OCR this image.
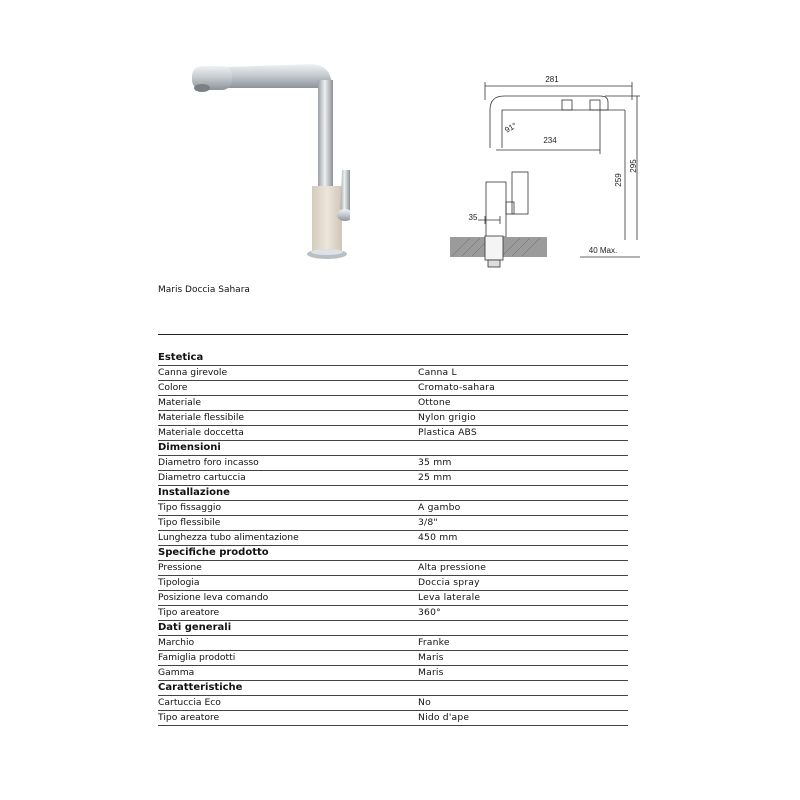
281
91°
234
259
295
35
40 Max.
Maris Doccia Sahara
Estetica
Canna girevole	Canna L
Colore	Cromato-sahara
Materiale	Ottone
Materiale flessibile	Nylon grigio
Materiale doccetta	Plastica ABS
Dimensioni
Diametro foro incasso	35 mm
Diametro cartuccia	25 mm
Installazione
Tipo fissaggio	A gambo
Tipo flessibile	3/8"
Lunghezza tubo alimentazione	450 mm
Specifiche prodotto
Pressione	Alta pressione
Tipologia	Doccia spray
Posizione leva comando	Leva laterale
Tipo areatore	360°
Dati generali
Marchio	Franke
Famiglia prodotti	Maris
Gamma	Maris
Caratteristiche
Cartuccia Eco	No
Tipo areatore	Nido d'ape
